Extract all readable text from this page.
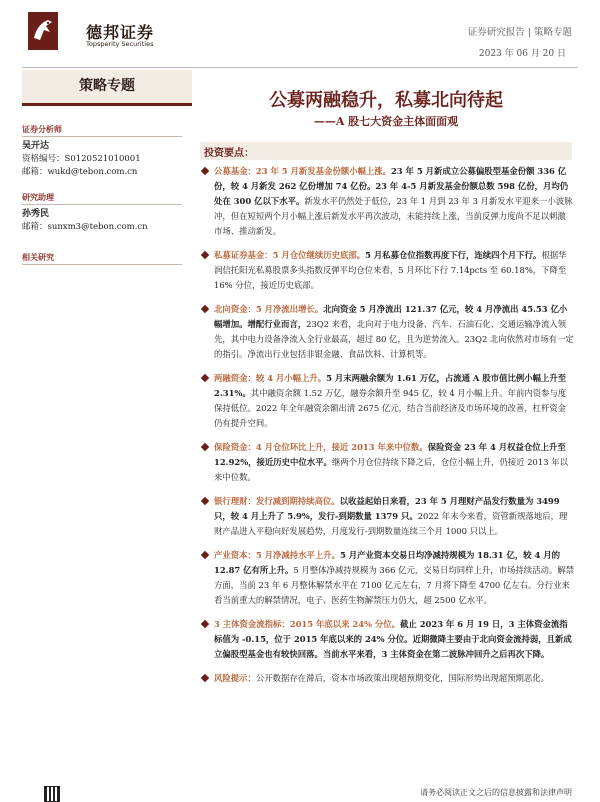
德邦证券
Topsperity Securities
证券研究报告 | 策略专题
2023 年 06 月 20 日
策略专题
证券分析师
吴开达
资格编号：S0120521010001
邮箱：wukd@tebon.com.cn
研究助理
孙秀民
邮箱：sunxm3@tebon.com.cn
相关研究
公募两融稳升，私募北向待起
——A 股七大资金主体面面观
投资要点：
公募基金：23 年 5 月新发基金份额小幅上涨。23 年 5 月新成立公募偏股型基金份额 336 亿份，较 4 月新发 262 亿份增加 74 亿份。23 年 4-5 月新发基金份额总数 598 亿份，月均仍处在 300 亿以下水平。新发水平仍然处于低位，23 年 1 月到 23 年 3 月新发水平迎来一小波脉冲，但在短短两个月小幅上涨后新发水平再次波动，未能持续上涨，当前反弹力度尚不足以刺激市场、推动新发。
私募证券基金：5 月仓位继续历史底部。5 月私募仓位指数再度下行，连续四个月下行。根据华润信托阳光私募股票多头指数反弹平均仓位来看，5 月环比下行 7.14pcts 至 60.18%，下降至 16% 分位，接近历史底部。
北向资金：5 月净流出增长。北向资金 5 月净流出 121.37 亿元，较 4 月净流出 45.53 亿小幅增加。增配行业而言，23Q2 来看，北向对于电力设备、汽车、石油石化、交通运输净流入领先，其中电力设备净流入全行业最高，超过 80 亿，且为逆势流入。23Q2 北向依然对市场有一定的指引。净流出行业包括非银金融、食品饮料、计算机等。
两融资金：较 4 月小幅上升。5 月末两融余额为 1.61 万亿，占流通 A 股市值比例小幅上升至 2.31%。其中融资余额 1.52 万亿，融券余额升至 945 亿，较 4 月小幅上升。年前内资参与度保持低位。2022 年全年融资余额出清 2675 亿元，结合当前经济及市场环境的改善，杠杆资金仍有提升空间。
保险资金：4 月仓位环比上升，接近 2013 年来中位数。保险资金 23 年 4 月权益仓位上升至 12.92%，接近历史中位水平。继两个月仓位持续下降之后，仓位小幅上升，仍接近 2013 年以来中位数。
银行理财：发行减到期持续高位。以收益起始日来看，23 年 5 月理财产品发行数量为 3499 只，较 4 月上升了 5.9%，发行-到期数量 1379 只。2022 年末今来看，资管新规落地后，理财产品进入平稳向好发展趋势，月度发行-到期数量连续三个月 1000 只以上。
产业资本：5 月净减持水平上升。5 月产业资本交易日均净减持规模为 18.31 亿，较 4 月的 12.87 亿有所上升。5 月整体净减持规模为 366 亿元，交易日均同样上升，市场持续活动。解禁方面，当前 23 年 6 月整体解禁水平在 7100 亿元左右，7 月将下降至 4700 亿左右。分行业来看当前重大的解禁情况，电子、医药生物解禁压力仍大，超 2500 亿水平。
3 主体资金流指标：2015 年底以来 24% 分位。截止 2023 年 6 月 19 日，3 主体资金流指标值为 -0.15，位于 2015 年底以来的 24% 分位。近期微降主要由于北向资金流持弱，且新成立偏股型基金也有较快回落。当前水平来看，3 主体资金在第二波脉冲回升之后再次下降。
风险提示：公开数据存在滞后，资本市场政策出现超预期变化，国际形势出现超预期恶化。
请务必阅读正文之后的信息披露和法律声明
